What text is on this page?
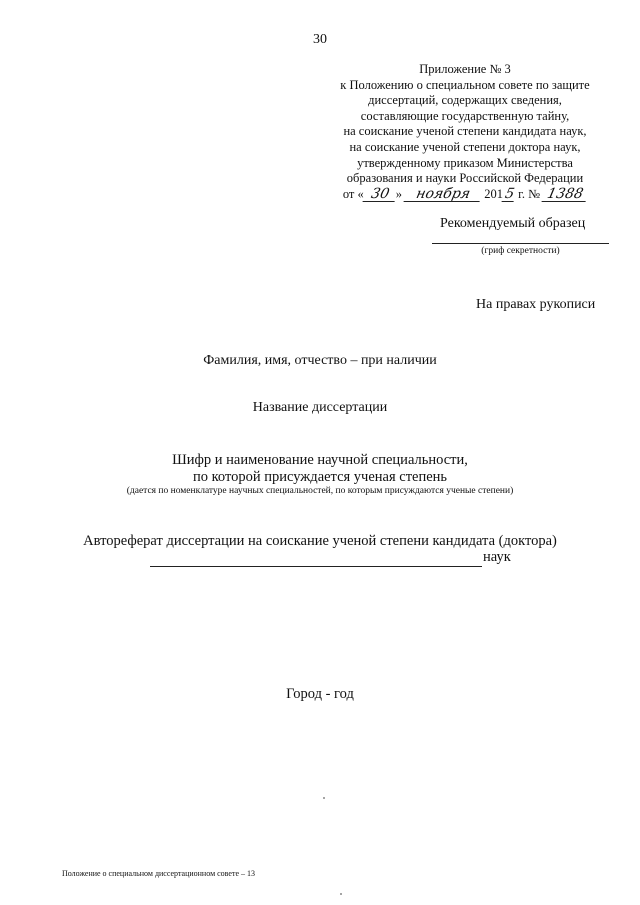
30
Приложение № 3
к Положению о специальном совете по защите
диссертаций, содержащих сведения,
составляющие государственную тайну,
на соискание ученой степени кандидата наук,
на соискание ученой степени доктора наук,
утвержденному приказом Министерства
образования и науки Российской Федерации
от « 30 » ноября 2015 г. № 1388
Рекомендуемый образец
(гриф секретности)
На правах рукописи
Фамилия, имя, отчество – при наличии
Название диссертации
Шифр и наименование научной специальности,
по которой присуждается ученая степень
(дается по номенклатуре научных специальностей, по которым присуждаются ученые степени)
Автореферат диссертации на соискание ученой степени кандидата (доктора)
наук
Город - год
Положение о специальном диссертационном совете – 13
